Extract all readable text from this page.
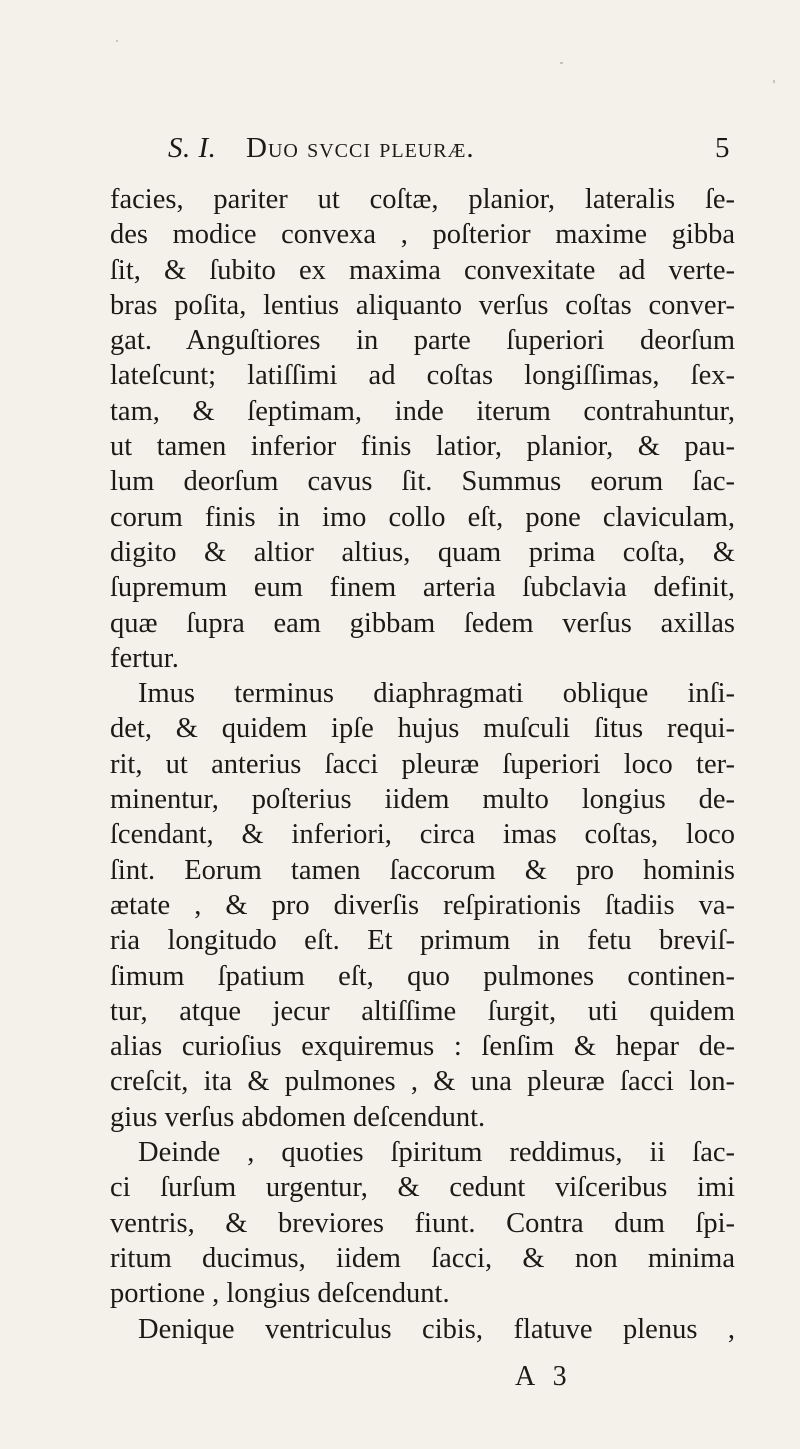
S. I. Duo svcci pleuræ.	5
facies, pariter ut coſtæ, planior, lateralis ſe-
des modice convexa , poſterior maxime gibba
ſit, & ſubito ex maxima convexitate ad verte-
bras poſita, lentius aliquanto verſus coſtas conver-
gat. Anguſtiores in parte ſuperiori deorſum
lateſcunt; latiſſimi ad coſtas longiſſimas, ſex-
tam, & ſeptimam, inde iterum contrahuntur,
ut tamen inferior finis latior, planior, & pau-
lum deorſum cavus ſit. Summus eorum ſac-
corum finis in imo collo eſt, pone claviculam,
digito & altior altius, quam prima coſta, &
ſupremum eum finem arteria ſubclavia definit,
quæ ſupra eam gibbam ſedem verſus axillas
fertur.
Imus terminus diaphragmati oblique inſi-
det, & quidem ipſe hujus muſculi ſitus requi-
rit, ut anterius ſacci pleuræ ſuperiori loco ter-
minentur, poſterius iidem multo longius de-
ſcendant, & inferiori, circa imas coſtas, loco
ſint. Eorum tamen ſaccorum & pro hominis
ætate , & pro diverſis reſpirationis ſtadiis va-
ria longitudo eſt. Et primum in fetu breviſ-
ſimum ſpatium eſt, quo pulmones continen-
tur, atque jecur altiſſime ſurgit, uti quidem
alias curioſius exquiremus : ſenſim & hepar de-
creſcit, ita & pulmones , & una pleuræ ſacci lon-
gius verſus abdomen deſcendunt.
Deinde , quoties ſpiritum reddimus, ii ſac-
ci ſurſum urgentur, & cedunt viſceribus imi
ventris, & breviores fiunt. Contra dum ſpi-
ritum ducimus, iidem ſacci, & non minima
portione , longius deſcendunt.
Denique ventriculus cibis, flatuve plenus ,
A 3
